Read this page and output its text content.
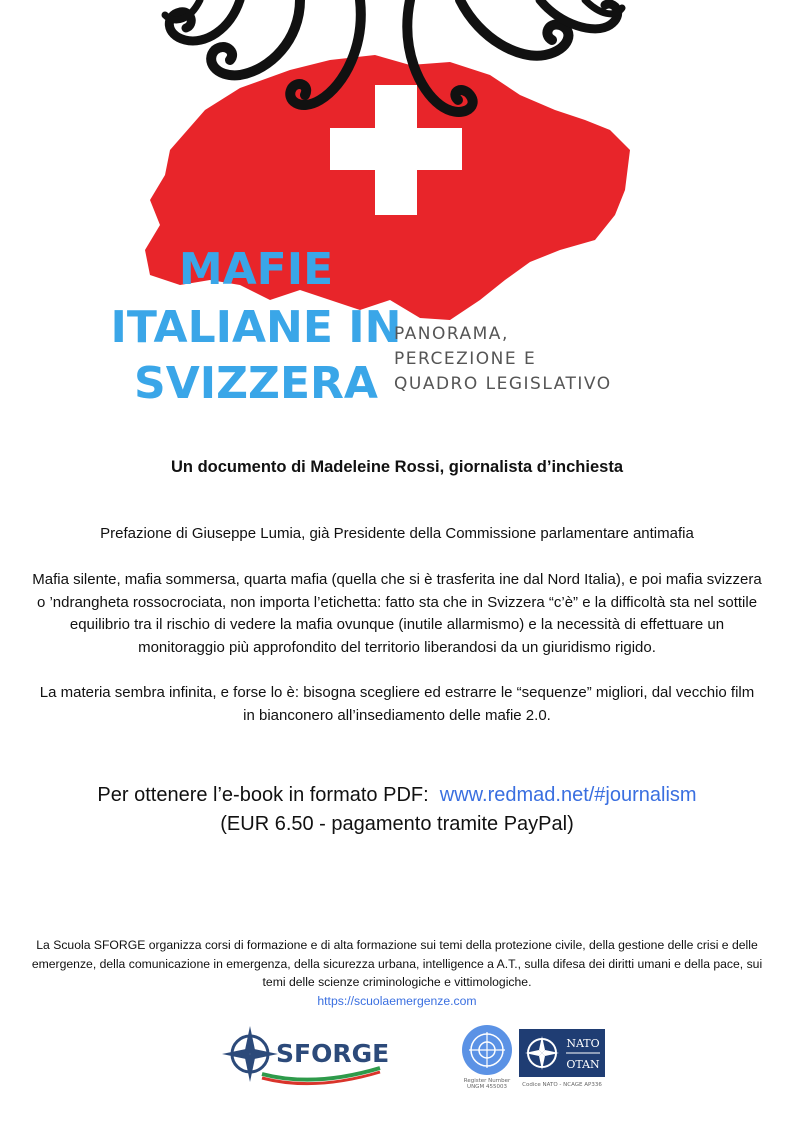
MAFIE
ITALIANE IN
SVIZZERA
PANORAMA,
PERCEZIONE E
QUADRO LEGISLATIVO
Un documento di Madeleine Rossi, giornalista d’inchiesta
Prefazione di Giuseppe Lumia, già Presidente della Commissione parlamentare antimafia
Mafia silente, mafia sommersa, quarta mafia (quella che si è trasferita ine dal Nord Italia), e poi mafia svizzera o ’ndrangheta rossocrociata, non importa l’etichetta: fatto sta che in Svizzera “c’è” e la difficoltà sta nel sottile equilibrio tra il rischio di vedere la mafia ovunque (inutile allarmismo) e la necessità di effettuare un monitoraggio più approfondito del territorio liberandosi da un giuridismo rigido.
La materia sembra infinita, e forse lo è: bisogna scegliere ed estrarre le “sequenze” migliori, dal vecchio film in bianconero all’insediamento delle mafie 2.0.
Per ottenere l’e-book in formato PDF: www.redmad.net/#journalism
(EUR 6.50 - pagamento tramite PayPal)
La Scuola SFORGE organizza corsi di formazione e di alta formazione sui temi della protezione civile, della gestione delle crisi e delle emergenze, della comunicazione in emergenza, della sicurezza urbana, intelligence a A.T., sulla difesa dei diritti umani e della pace, sui temi delle scienze criminologiche e vittimologiche.
https://scuolaemergenze.com
SFORGE
Register Number
UNGM 455003
NATO
OTAN
Codice NATO - NCAGE AP336
